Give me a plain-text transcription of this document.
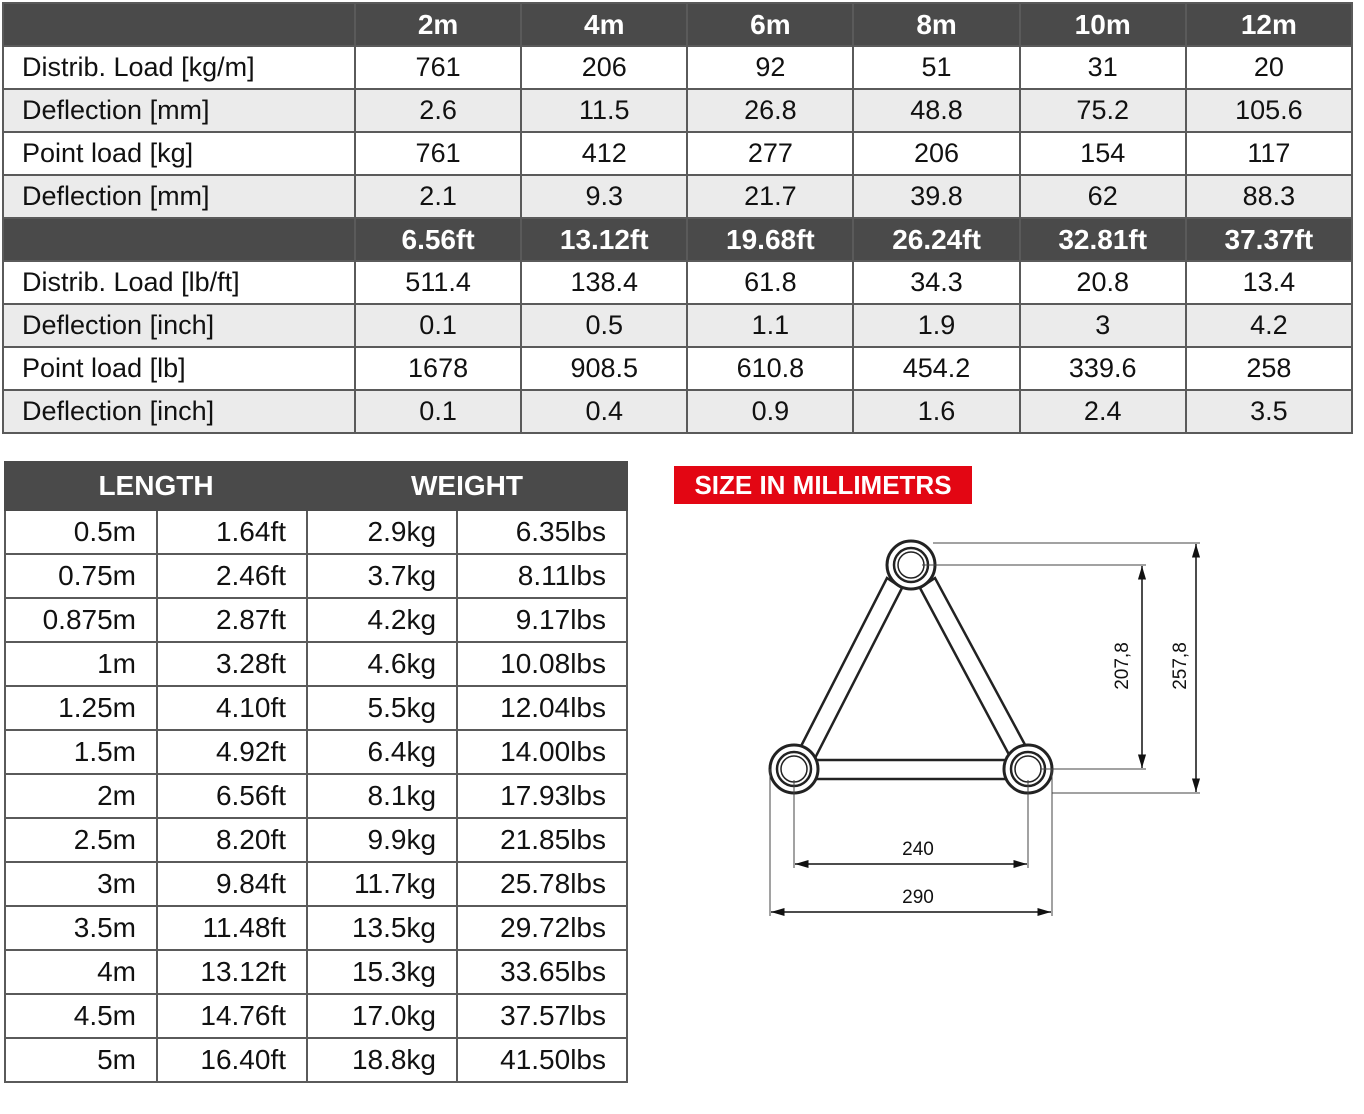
	2m	4m	6m	8m	10m	12m
Distrib. Load [kg/m]	761	206	92	51	31	20
Deflection [mm]	2.6	11.5	26.8	48.8	75.2	105.6
Point load [kg]	761	412	277	206	154	117
Deflection [mm]	2.1	9.3	21.7	39.8	62	88.3
	6.56ft	13.12ft	19.68ft	26.24ft	32.81ft	37.37ft
Distrib. Load [lb/ft]	511.4	138.4	61.8	34.3	20.8	13.4
Deflection [inch]	0.1	0.5	1.1	1.9	3	4.2
Point load [lb]	1678	908.5	610.8	454.2	339.6	258
Deflection [inch]	0.1	0.4	0.9	1.6	2.4	3.5
LENGTH		WEIGHT	
0.5m	1.64ft	2.9kg	6.35lbs
0.75m	2.46ft	3.7kg	8.11lbs
0.875m	2.87ft	4.2kg	9.17lbs
1m	3.28ft	4.6kg	10.08lbs
1.25m	4.10ft	5.5kg	12.04lbs
1.5m	4.92ft	6.4kg	14.00lbs
2m	6.56ft	8.1kg	17.93lbs
2.5m	8.20ft	9.9kg	21.85lbs
3m	9.84ft	11.7kg	25.78lbs
3.5m	11.48ft	13.5kg	29.72lbs
4m	13.12ft	15.3kg	33.65lbs
4.5m	14.76ft	17.0kg	37.57lbs
5m	16.40ft	18.8kg	41.50lbs
SIZE IN MILLIMETRS
207,8 257,8
240
290
